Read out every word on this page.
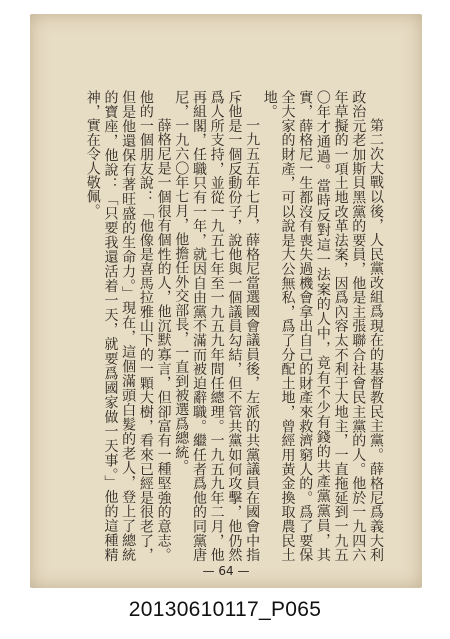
第二次大戰以後，人民黨改組爲現在的基督教民主黨。薛格尼爲義大利政治元老加斯貝黑黨的要員，他是主張聯合社會民主黨的人。他於一九四六年草擬的一項土地改革法案，因爲內容太不利于大地主，一直拖延到一九五〇年才通過。當時反對這一法案的人中，竟有不少有錢的共產黨黨員，其實，薛格尼一生都沒有喪失過機會拿出自己的財產來救濟窮人的。爲了要保全大家的財產，可以說是大公無私，爲了分配土地，曾經用黃金換取農民土地。

一九五五年七月，薛格尼當選國會議員後，左派的共黨議員在國會中指斥他是一個反動份子，說他與一個議員勾結，但不管共黨如何攻擊，他仍然爲人所支持，並從一九五七年至一九五九年間任總理。一九五九年二月，他再組閣，任職只有一年，就因自由黨不滿而被迫辭職。繼任者爲他的同黨唐尼，一九六〇年七月，他擔任外交部長，一直到被選爲總統。

薛格尼是一個很有個性的人，他沉默寡言，但卻富有一種堅強的意志。他的一個朋友說：「他像是喜馬拉雅山下的一顆大樹，看來已經是很老了，但是他還保有著旺盛的生命力。」現在，這個滿頭白髮的老人，登上了總統的寶座，他說：「只要我還活着一天，就要爲國家做一天事。」他的這種精神，實在令人敬佩。

— 64 —
20130610117_P065
